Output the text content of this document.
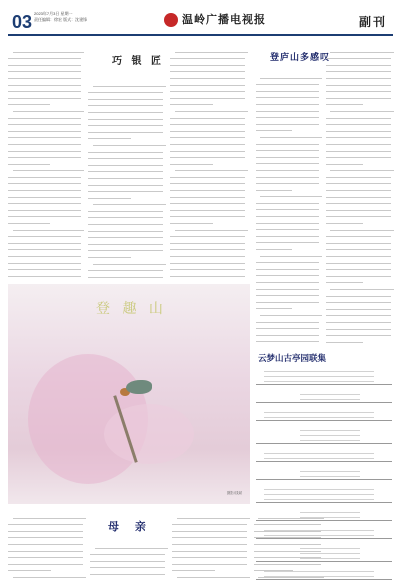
03 2023年7月3日 星期一
责任编辑：徐宏 版式：沈建锋	温岭广播电视报	副刊
巧 银 匠	登庐山多感叹
登 趣 山
摄影/钱斌
母 亲
云梦山古亭园联集
